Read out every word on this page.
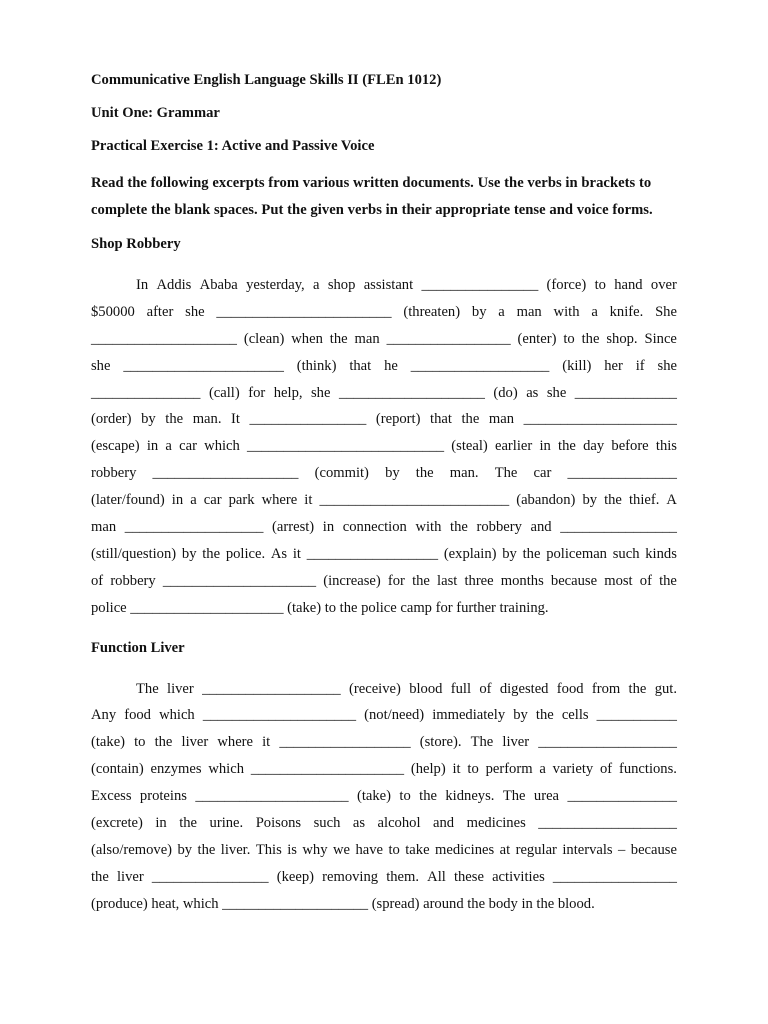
Communicative English Language Skills II (FLEn 1012)

Unit One: Grammar

Practical Exercise 1: Active and Passive Voice

Read the following excerpts from various written documents. Use the verbs in brackets to
complete the blank spaces. Put the given verbs in their appropriate tense and voice forms.

Shop Robbery

In Addis Ababa yesterday, a shop assistant ________________ (force) to hand over
$50000 after she ________________________ (threaten) by a man with a knife. She
____________________ (clean) when the man _________________ (enter) to the shop. Since
she ______________________ (think) that he ___________________ (kill) her if she
_______________ (call) for help, she ____________________ (do) as she ______________
(order) by the man. It ________________ (report) that the man _____________________
(escape) in a car which ___________________________ (steal) earlier in the day before this
robbery ____________________ (commit) by the man. The car _______________
(later/found) in a car park where it __________________________ (abandon) by the thief. A
man ___________________ (arrest) in connection with the robbery and ________________
(still/question) by the police. As it __________________ (explain) by the policeman such kinds
of robbery _____________________ (increase) for the last three months because most of the
police _____________________ (take) to the police camp for further training.

Function Liver

The liver ___________________ (receive) blood full of digested food from the gut.
Any food which _____________________ (not/need) immediately by the cells ___________
(take) to the liver where it __________________ (store). The liver ___________________
(contain) enzymes which _____________________ (help) it to perform a variety of functions.
Excess proteins _____________________ (take) to the kidneys. The urea _______________
(excrete) in the urine. Poisons such as alcohol and medicines ___________________
(also/remove) by the liver. This is why we have to take medicines at regular intervals – because
the liver ________________ (keep) removing them. All these activities _________________
(produce) heat, which ____________________ (spread) around the body in the blood.
